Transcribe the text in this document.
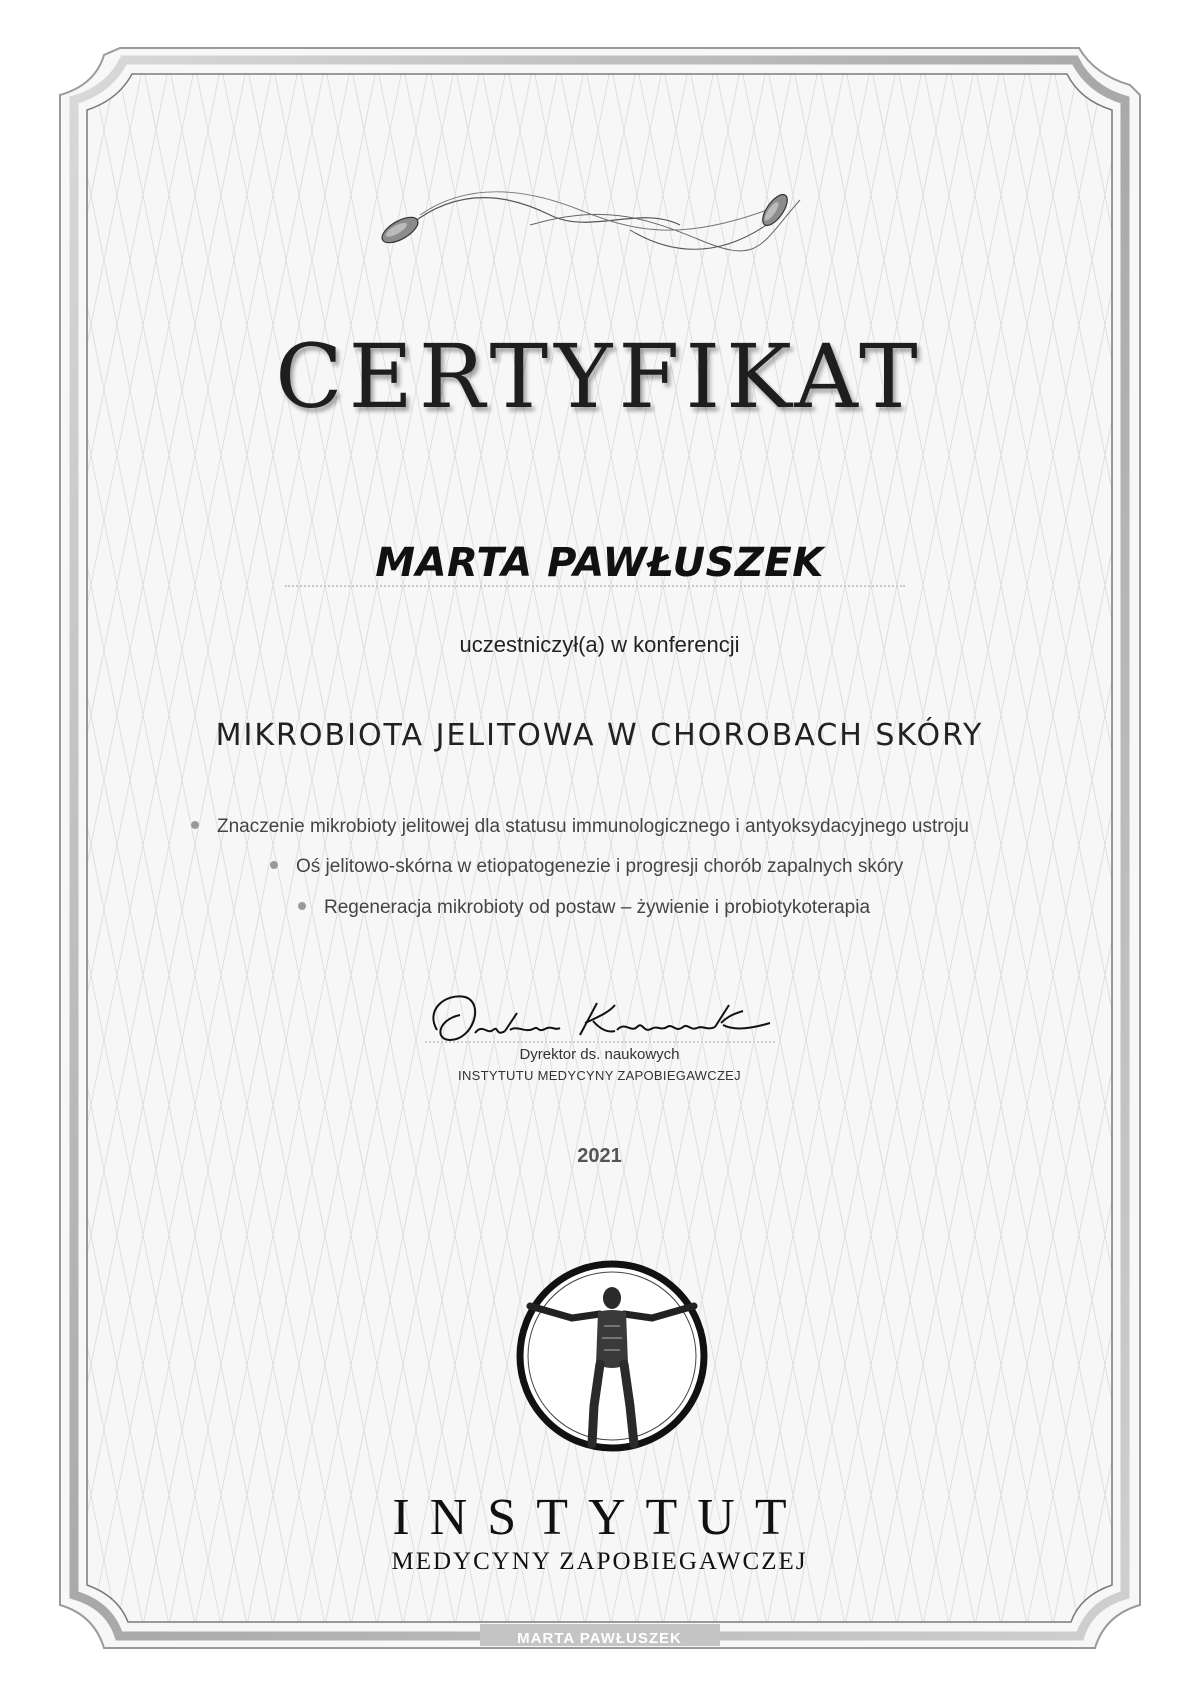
CERTYFIKAT
MARTA PAWŁUSZEK
uczestniczył(a) w konferencji
MIKROBIOTA JELITOWA W CHOROBACH SKÓRY
Znaczenie mikrobioty jelitowej dla statusu immunologicznego i antyoksydacyjnego ustroju
Oś jelitowo-skórna w etiopatogenezie i progresji chorób zapalnych skóry
Regeneracja mikrobioty od postaw – żywienie i probiotykoterapia
Dyrektor ds. naukowych
INSTYTUTU MEDYCYNY ZAPOBIEGAWCZEJ
2021
INSTYTUT
MEDYCYNY ZAPOBIEGAWCZEJ
MARTA PAWŁUSZEK
